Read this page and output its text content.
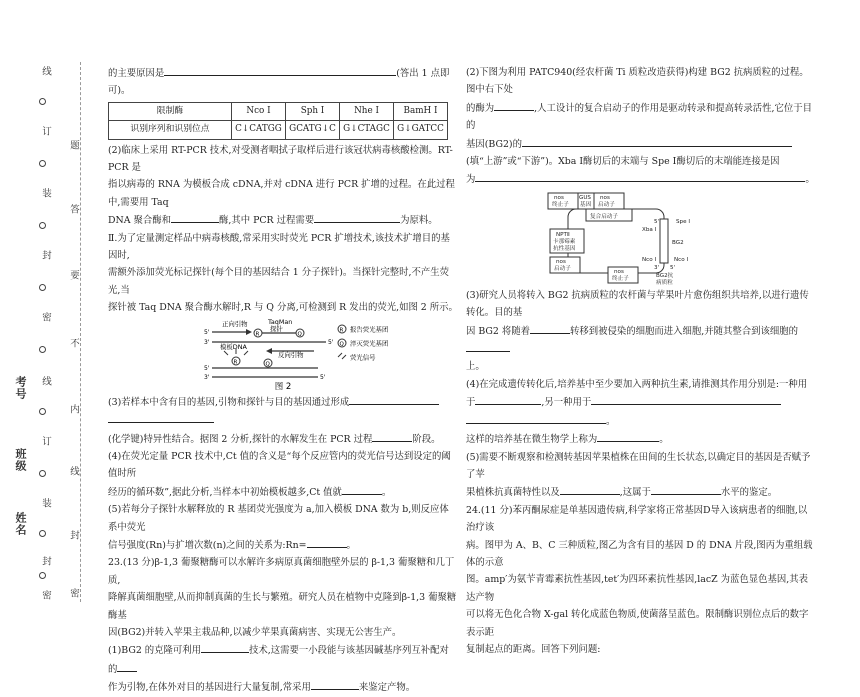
线
订
装
封
密
线
订
装
封
密
题
答
要
不
内
线
封
密
考号
班级
姓名

的主要原因是	(答出 1 点即

可)。

限制酶	Nco Ⅰ	Sph Ⅰ	Nhe Ⅰ	BamH Ⅰ
识别序列和识别位点	C↓CATGG	GCATG↓C	G↓CTAGC	G↓GATCC

(2)临床上采用 RT-PCR 技术,对受测者咽拭子取样后进行该冠状病毒核酸检测。RT-PCR 是

指以病毒的 RNA 为模板合成 cDNA,并对 cDNA 进行 PCR 扩增的过程。在此过程中,需要用 Taq

DNA 聚合酶和	酶,其中 PCR 过程需要	为原料。

Ⅱ.为了定量测定样品中病毒核酸,常采用实时荧光 PCR 扩增技术,该技术扩增目的基因时,

需额外添加荧光标记探针(每个目的基因结合 1 分子探针)。当探针完整时,不产生荧光,当

探针被 Taq DNA 聚合酶水解时,R 与 Q 分离,可检测到 R 发出的荧光,如图 2 所示。

正向引物	TaqMan
探针
5'	R	Q
3'
模板DNA
5'
反向引物
5'
3'	5'
R	Q
R 报告荧光基团
Q 淬灭荧光基团
荧光信号
图 2

(3)若样本中含有目的基因,引物和探针与目的基因通过形成

(化学键)特异性结合。据图 2 分析,探针的水解发生在 PCR 过程	阶段。

(4)在荧光定量 PCR 技术中,Ct 值的含义是“每个反应管内的荧光信号达到设定的阈值时所

经历的循环数”,据此分析,当样本中初始模板越多,Ct 值就	。

(5)若每分子探针水解释放的 R 基团荧光强度为 a,加入模板 DNA 数为 b,则反应体系中荧光

信号强度(Rn)与扩增次数(n)之间的关系为:Rn=	。

23.(13 分)β-1,3 葡聚糖酶可以水解许多病原真菌细胞壁外层的 β-1,3 葡聚糖和几丁质,

降解真菌细胞壁,从而抑制真菌的生长与繁殖。研究人员在植物中克隆到β-1,3 葡聚糖酶基

因(BG2)并转入苹果主栽品种,以减少苹果真菌病害、实现无公害生产。

(1)BG2 的克隆可利用	技术,这需要一小段能与该基因碱基序列互补配对的

作为引物,在体外对目的基因进行大量复制,常采用	来鉴定产物。

(2)下图为利用 PATC940(经农杆菌 Ti 质粒改造获得)构建 BG2 抗病质粒的过程。图中右下处

的酶为	,人工设计的复合启动子的作用是驱动转录和提高转录活性,它位于目的

基因(BG2)的

(填“上游”或“下游”)。Xba Ⅰ酶切后的末端与 Spe Ⅰ酶切后的末端能连接是因

为	。

nos
终止子
GUS
基因
nos
启动子
复合启动子
NPTⅡ
卡那霉素
抗性基因
nos
启动子	nos
终止子
BG2
Xba Ⅰ
Nco Ⅰ
Spe Ⅰ
Nco Ⅰ
5'
3' 5'
BG2抗
病质粒

(3)研究人员将转入 BG2 抗病质粒的农杆菌与苹果叶片愈伤组织共培养,以进行遗传转化。目的基

因 BG2 将随着	转移到被侵染的细胞而进入细胞,并随其整合到该细胞的

上。

(4)在完成遗传转化后,培养基中至少要加入两种抗生素,请推测其作用分别是:一种用

于	,另一种用于

。

这样的培养基在微生物学上称为	。

(5)需要不断观察和检测转基因苹果植株在田间的生长状态,以确定目的基因是否赋予了苹

果植株抗真菌特性以及	,这属于	水平的鉴定。

24.(11 分)苯丙酮尿症是单基因遗传病,科学家将正常基因D导入该病患者的细胞,以治疗该

病。图甲为 A、B、C 三种质粒,图乙为含有目的基因 D 的 DNA 片段,图丙为重组载体的示意

图。amp′为氨苄青霉素抗性基因,tet′为四环素抗性基因,lacZ 为蓝色显色基因,其表达产物

可以将无色化合物 X-gal 转化成蓝色物质,使菌落呈蓝色。限制酶识别位点后的数字表示距

复制起点的距离。回答下列问题:
